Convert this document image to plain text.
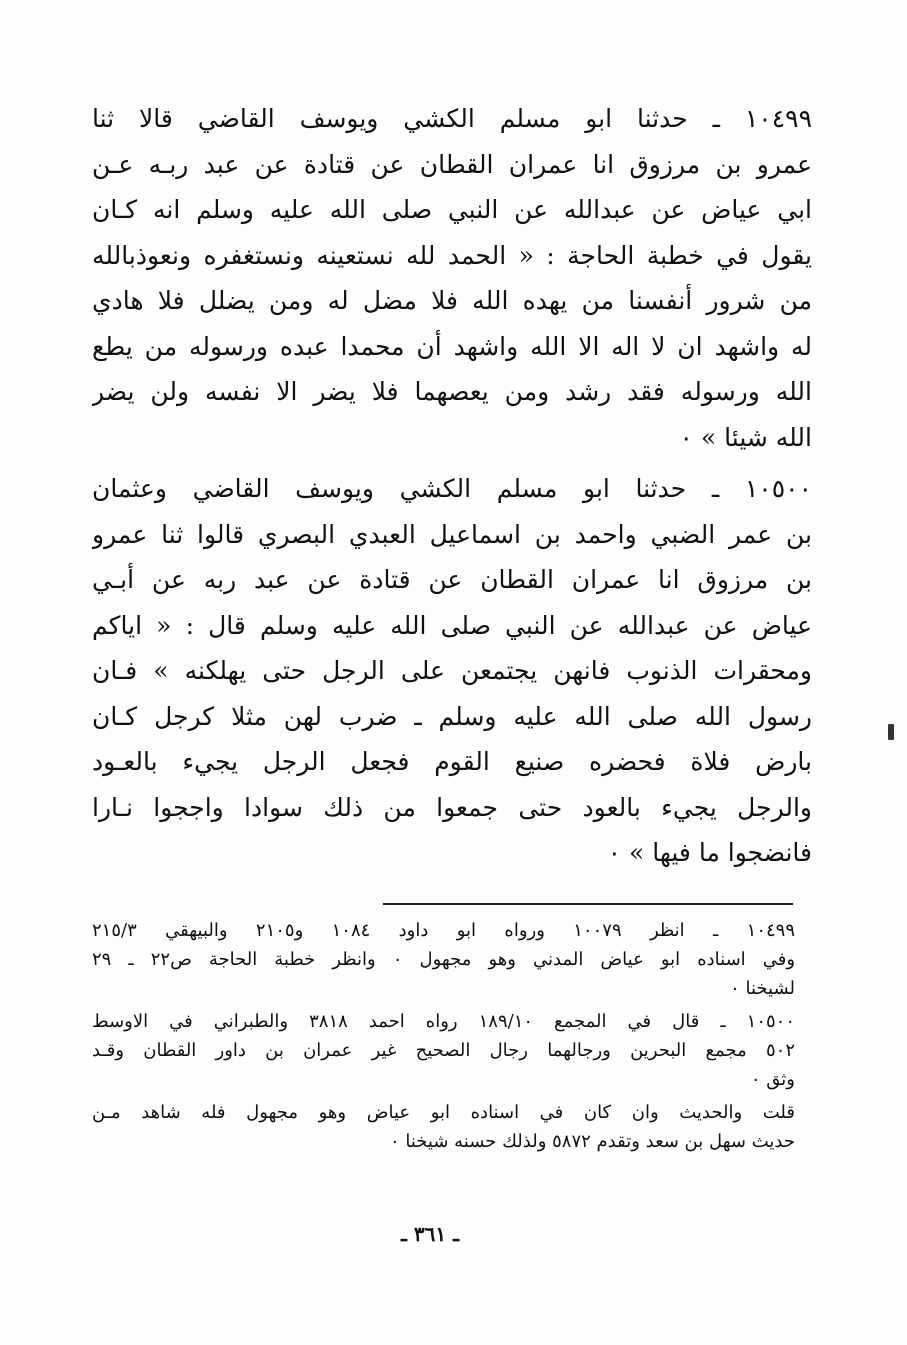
١٠٤٩٩ ـ حدثنا ابو مسلم الكشي ويوسف القاضي قالا ثنا
عمرو بن مرزوق انا عمران القطان عن قتادة عن عبد ربـه عـن
ابي عياض عن عبدالله عن النبي صلى الله عليه وسلم انه كـان
يقول في خطبة الحاجة : « الحمد لله نستعينه ونستغفره ونعوذبالله
من شرور أنفسنا من يهده الله فلا مضل له ومن يضلل فلا هادي
له واشهد ان لا اله الا الله واشهد أن محمدا عبده ورسوله من يطع
الله ورسوله فقد رشد ومن يعصهما فلا يضر الا نفسه ولن يضر
الله شيئا » ٠
١٠٥٠٠ ـ حدثنا ابو مسلم الكشي ويوسف القاضي وعثمان
بن عمر الضبي واحمد بن اسماعيل العبدي البصري قالوا ثنا عمرو
بن مرزوق انا عمران القطان عن قتادة عن عبد ربه عن أبـي
عياض عن عبدالله عن النبي صلى الله عليه وسلم قال : « اياكم
ومحقرات الذنوب فانهن يجتمعن على الرجل حتى يهلكنه » فـان
رسول الله صلى الله عليه وسلم ـ ضرب لهن مثلا كرجل كـان
بارض فلاة فحضره صنيع القوم فجعل الرجل يجيء بالعـود
والرجل يجيء بالعود حتى جمعوا من ذلك سوادا واججوا نـارا
فانضجوا ما فيها » ٠
١٠٤٩٩ ـ انظر ١٠٠٧٩ ورواه ابو داود ١٠٨٤ و٢١٠٥ والبيهقي ٢١٥/٣
وفي اسناده ابو عياض المدني وهو مجهول ٠ وانظر خطبة الحاجة ص٢٢ ـ ٢٩
لشيخنا ٠
١٠٥٠٠ ـ قال في المجمع ١٨٩/١٠ رواه احمد ٣٨١٨ والطبراني في الاوسط
٥٠٢ مجمع البحرين ورجالهما رجال الصحيح غير عمران بن داور القطان وقـد
وثق ٠
قلت والحديث وان كان في اسناده ابو عياض وهو مجهول فله شاهد مـن
حديث سهل بن سعد وتقدم ٥٨٧٢ ولذلك حسنه شيخنا ٠
ـ ٣٦١ ـ
